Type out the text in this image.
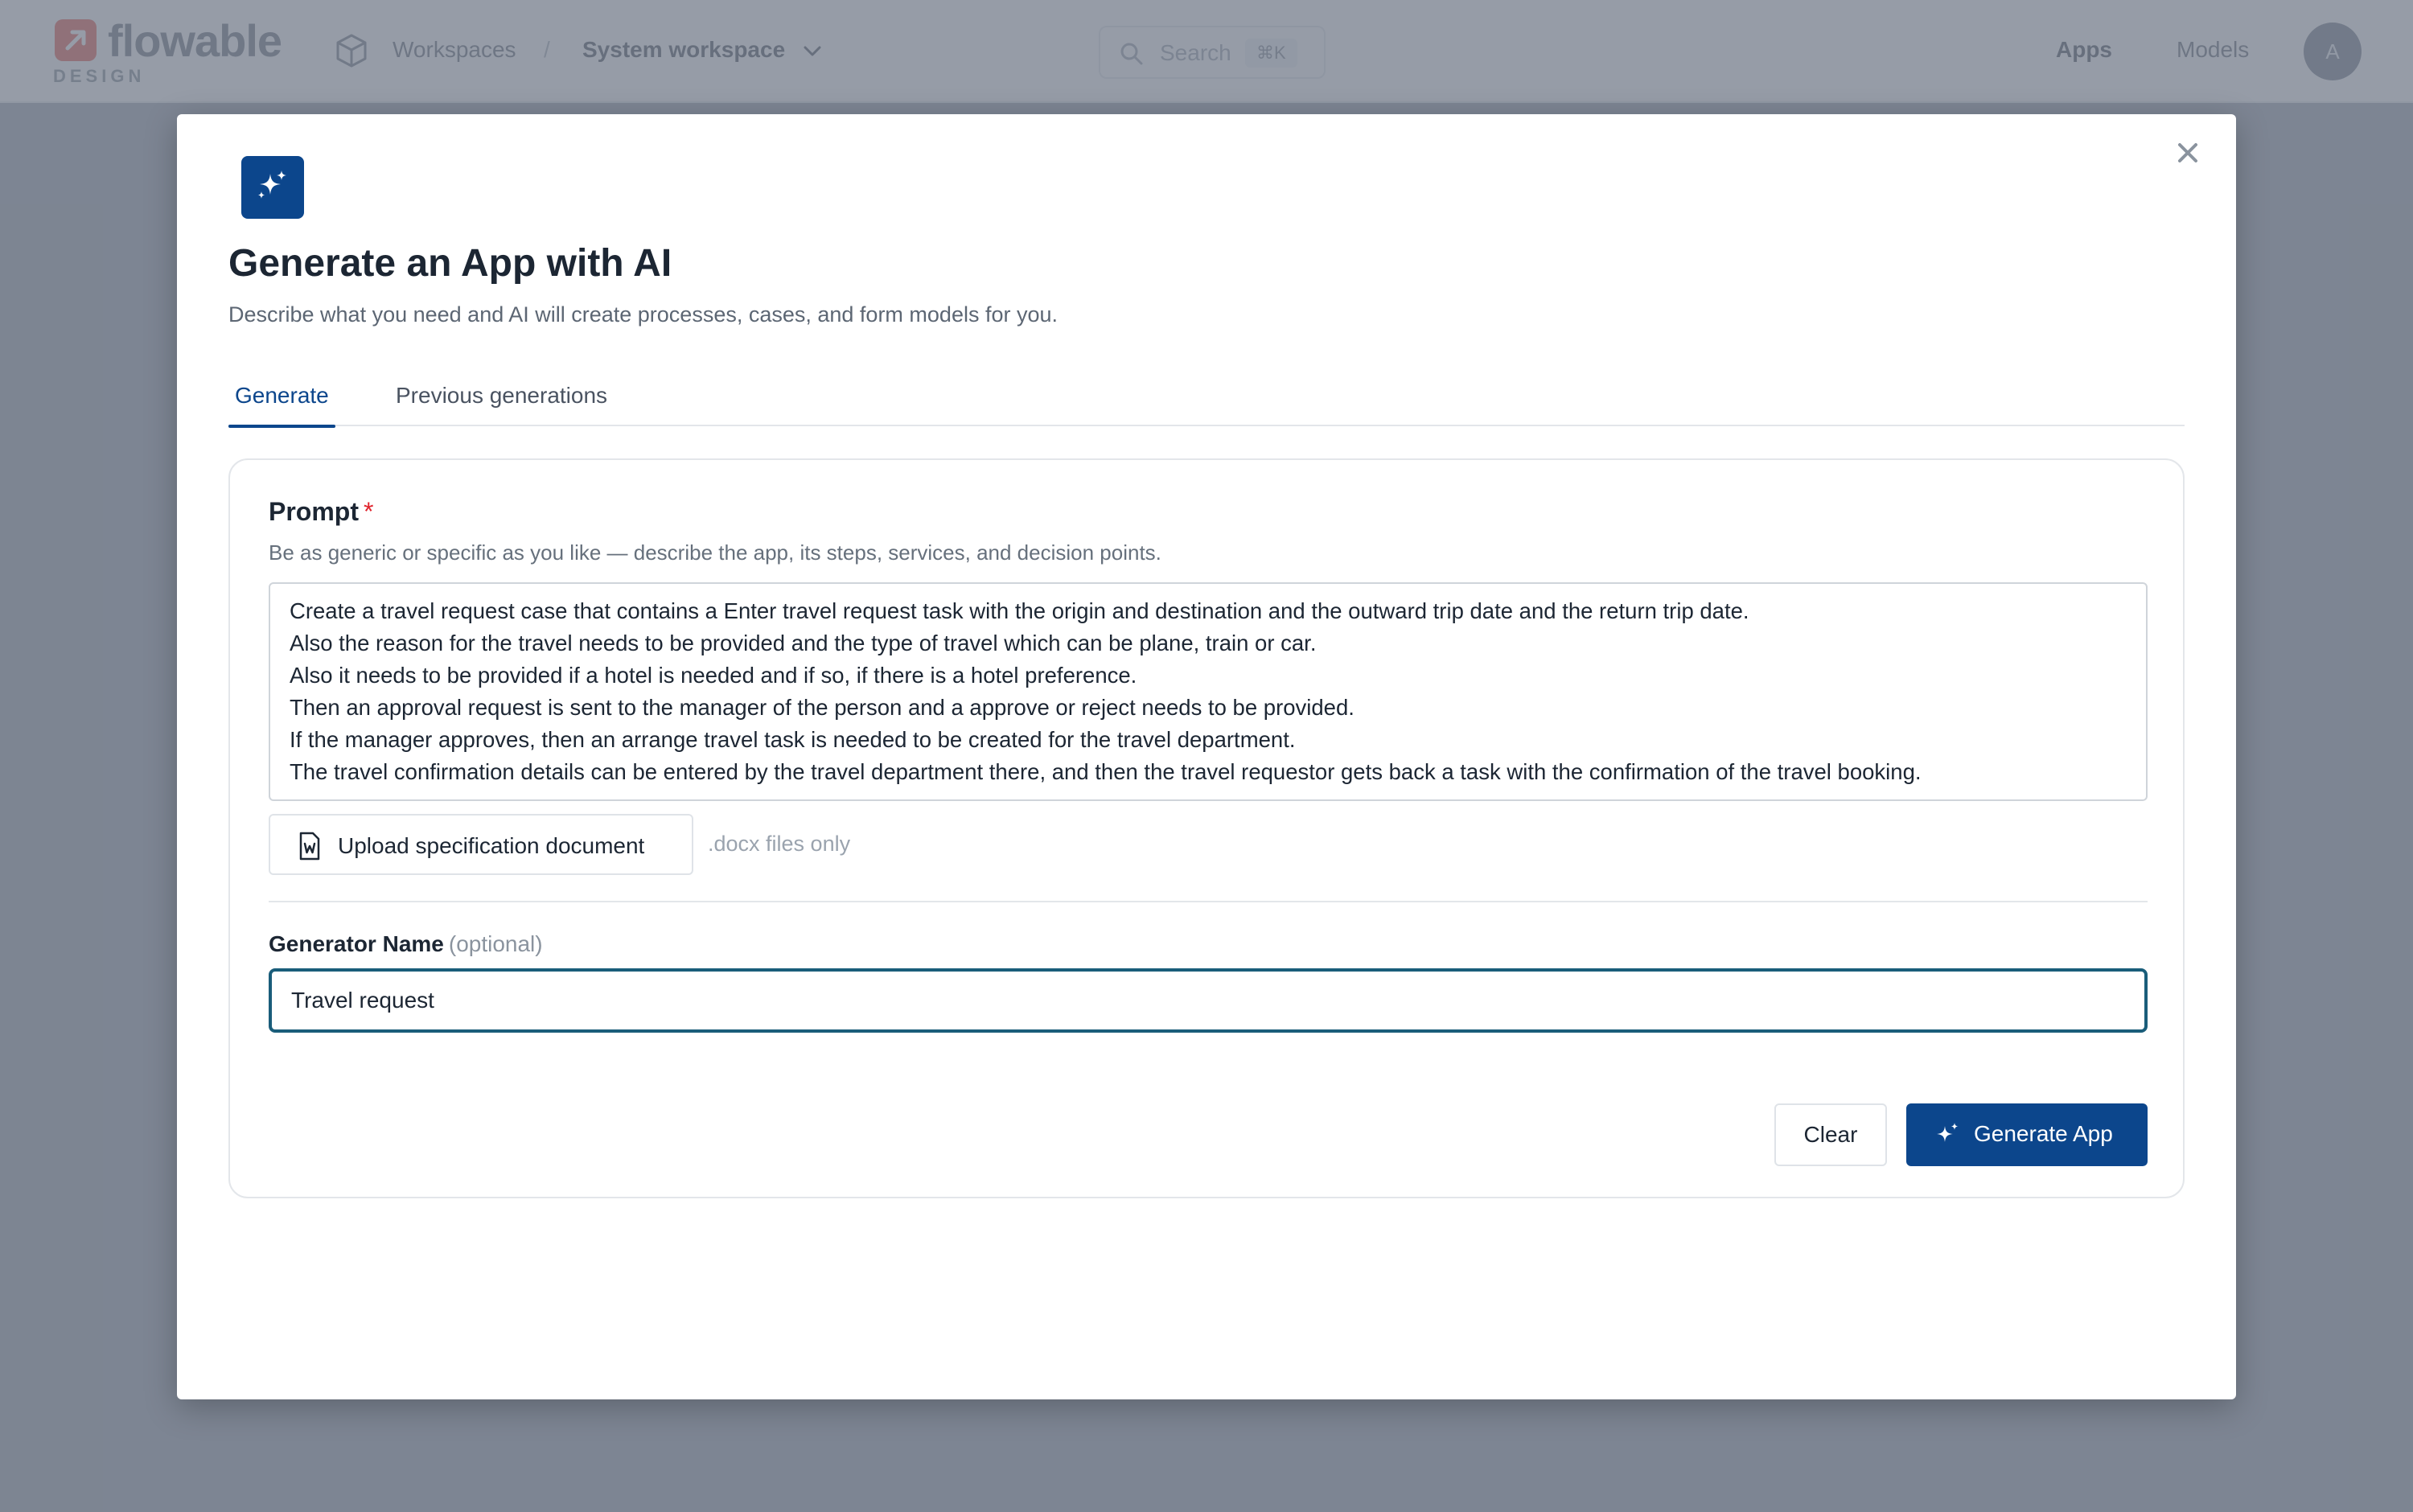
Generate an App with AI

Describe what you need and AI will create processes, cases, and form models for you.

Generate	Previous generations
Prompt *
Be as generic or specific as you like — describe the app, its steps, services, and decision points.
Create a travel request case that contains a Enter travel request task with the origin and destination and the outward trip date and the return trip date.
Also the reason for the travel needs to be provided and the type of travel which can be plane, train or car.
Also it needs to be provided if a hotel is needed and if so, if there is a hotel preference.
Then an approval request is sent to the manager of the person and a approve or reject needs to be provided.
If the manager approves, then an arrange travel task is needed to be created for the travel department.
The travel confirmation details can be entered by the travel department there, and then the travel requestor gets back a task with the confirmation of the travel booking.
Upload specification document	.docx files only
Generator Name (optional)
Travel request
Clear	Generate App
